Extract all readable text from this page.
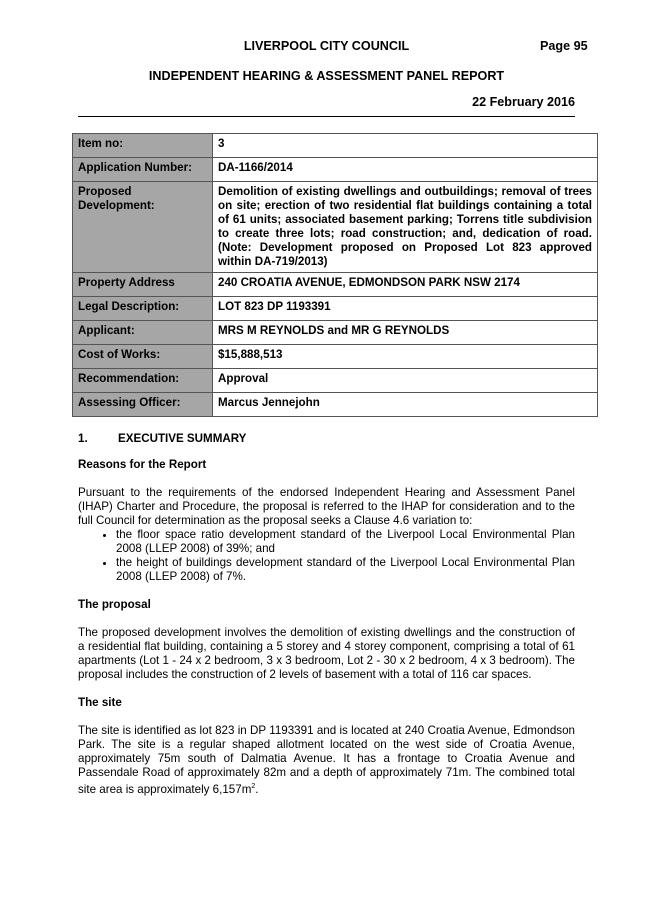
LIVERPOOL CITY COUNCIL	Page 95
INDEPENDENT HEARING & ASSESSMENT PANEL REPORT
22 February 2016
Item no:	3
Application Number:	DA-1166/2014
Proposed Development:	Demolition of existing dwellings and outbuildings; removal of trees on site; erection of two residential flat buildings containing a total of 61 units; associated basement parking; Torrens title subdivision to create three lots; road construction; and, dedication of road. (Note: Development proposed on Proposed Lot 823 approved within DA-719/2013)
Property Address	240 CROATIA AVENUE, EDMONDSON PARK NSW 2174
Legal Description:	LOT 823 DP 1193391
Applicant:	MRS M REYNOLDS and MR G REYNOLDS
Cost of Works:	$15,888,513
Recommendation:	Approval
Assessing Officer:	Marcus Jennejohn
1.	EXECUTIVE SUMMARY
Reasons for the Report

Pursuant to the requirements of the endorsed Independent Hearing and Assessment Panel (IHAP) Charter and Procedure, the proposal is referred to the IHAP for consideration and to the full Council for determination as the proposal seeks a Clause 4.6 variation to:

• the floor space ratio development standard of the Liverpool Local Environmental Plan 2008 (LLEP 2008) of 39%; and
• the height of buildings development standard of the Liverpool Local Environmental Plan 2008 (LLEP 2008) of 7%.
The proposal

The proposed development involves the demolition of existing dwellings and the construction of a residential flat building, containing a 5 storey and 4 storey component, comprising a total of 61 apartments (Lot 1 - 24 x 2 bedroom, 3 x 3 bedroom, Lot 2 - 30 x 2 bedroom, 4 x 3 bedroom). The proposal includes the construction of 2 levels of basement with a total of 116 car spaces.

The site

The site is identified as lot 823 in DP 1193391 and is located at 240 Croatia Avenue, Edmondson Park. The site is a regular shaped allotment located on the west side of Croatia Avenue, approximately 75m south of Dalmatia Avenue. It has a frontage to Croatia Avenue and Passendale Road of approximately 82m and a depth of approximately 71m. The combined total site area is approximately $6,157m^2$.
